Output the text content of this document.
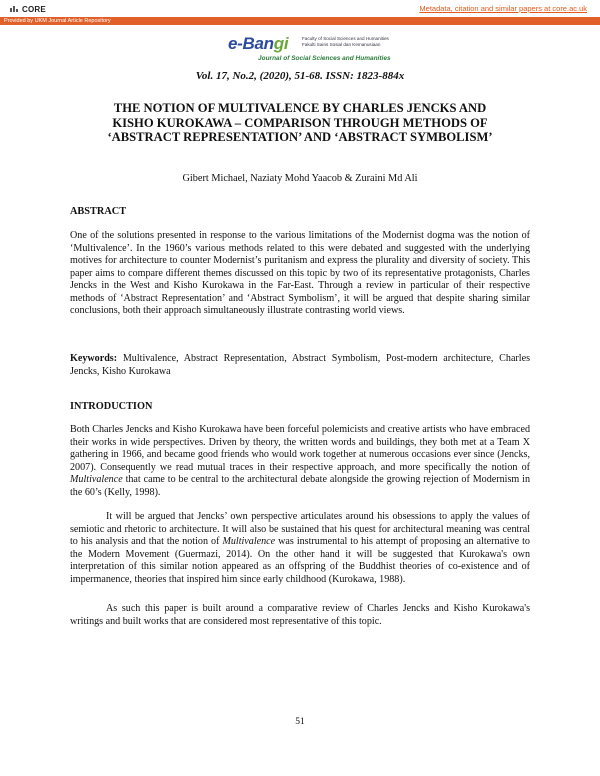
CORE	Metadata, citation and similar papers at core.ac.uk
Provided by UKM Journal Article Repository
e-Bangi	Faculty of Social Sciences and Humanities
Fakulti Sains Sosial dan Kemanusiaan
Journal of Social Sciences and Humanities
Vol. 17, No.2, (2020), 51-68. ISSN: 1823-884x
THE NOTION OF MULTIVALENCE BY CHARLES JENCKS AND
KISHO KUROKAWA – COMPARISON THROUGH METHODS OF
‘ABSTRACT REPRESENTATION’ AND ‘ABSTRACT SYMBOLISM’
Gibert Michael, Naziaty Mohd Yaacob & Zuraini Md Ali
ABSTRACT
One of the solutions presented in response to the various limitations of the Modernist dogma was the notion of ‘Multivalence’. In the 1960’s various methods related to this were debated and suggested with the underlying motives for architecture to counter Modernist’s puritanism and express the plurality and diversity of society. This paper aims to compare different themes discussed on this topic by two of its representative protagonists, Charles Jencks in the West and Kisho Kurokawa in the Far-East. Through a review in particular of their respective methods of ‘Abstract Representation’ and ‘Abstract Symbolism’, it will be argued that despite sharing similar conclusions, both their approach simultaneously illustrate contrasting world views.
Keywords: Multivalence, Abstract Representation, Abstract Symbolism, Post-modern architecture, Charles Jencks, Kisho Kurokawa
INTRODUCTION
Both Charles Jencks and Kisho Kurokawa have been forceful polemicists and creative artists who have embraced their works in wide perspectives. Driven by theory, the written words and buildings, they both met at a Team X gathering in 1966, and became good friends who would work together at numerous occasions ever since (Jencks, 2007). Consequently we read mutual traces in their respective approach, and more specifically the notion of Multivalence that came to be central to the architectural debate alongside the growing rejection of Modernism in the 60’s (Kelly, 1998).
It will be argued that Jencks’ own perspective articulates around his obsessions to apply the values of semiotic and rhetoric to architecture. It will also be sustained that his quest for architectural meaning was central to his analysis and that the notion of Multivalence was instrumental to his attempt of proposing an alternative to the Modern Movement (Guermazi, 2014). On the other hand it will be suggested that Kurokawa's own interpretation of this similar notion appeared as an offspring of the Buddhist theories of co-existence and of impermanence, theories that inspired him since early childhood (Kurokawa, 1988).
As such this paper is built around a comparative review of Charles Jencks and Kisho Kurokawa's writings and built works that are considered most representative of this topic.
51
